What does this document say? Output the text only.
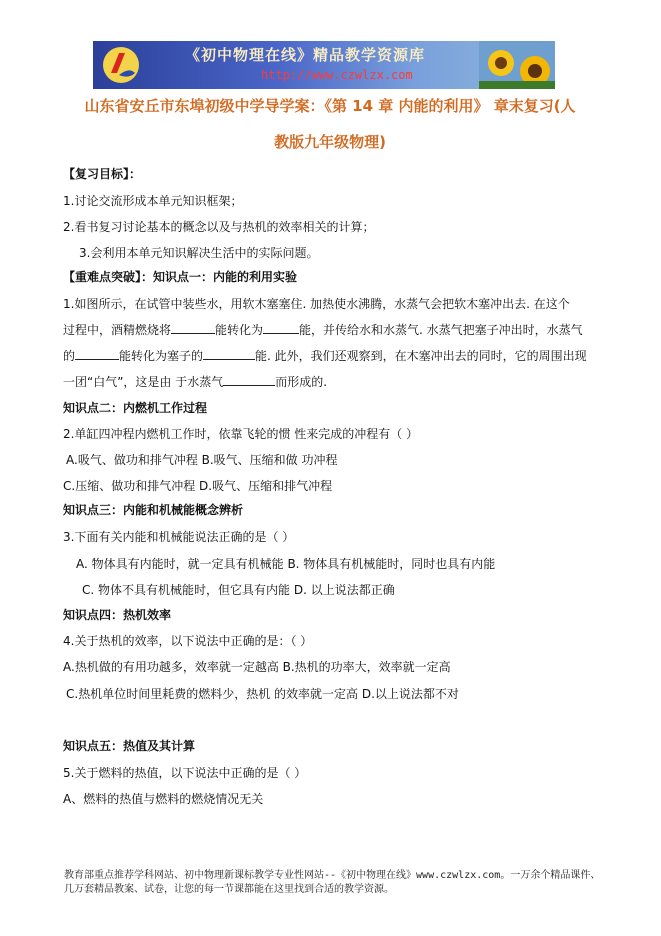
《初中物理在线》精品教学资源库
http://www.czwlzx.com
山东省安丘市东埠初级中学导学案：《第 14 章 内能的利用》 章末复习(人
教版九年级物理)
【复习目标】：
1.讨论交流形成本单元知识框架；
2.看书复习讨论基本的概念以及与热机的效率相关的计算；
3.会利用本单元知识解决生活中的实际问题。
【重难点突破】：知识点一：内能的利用实验
1.如图所示，在试管中装些水，用软木塞塞住. 加热使水沸腾，水蒸气会把软木塞冲出去. 在这个
过程中，酒精燃烧将	能转化为	能，并传给水和水蒸气. 水蒸气把塞子冲出时，水蒸气
的	能转化为塞子的	能. 此外，我们还观察到，在木塞冲出去的同时，它的周围出现
一团“白气”，这是由 于水蒸气	而形成的.
知识点二：内燃机工作过程
2.单缸四冲程内燃机工作时，依靠飞轮的惯 性来完成的冲程有（ ）
A.吸气、做功和排气冲程 B.吸气、压缩和做 功冲程
C.压缩、做功和排气冲程 D.吸气、压缩和排气冲程
知识点三：内能和机械能概念辨析
3.下面有关内能和机械能说法正确的是（ ）
A. 物体具有内能时，就一定具有机械能 B. 物体具有机械能时，同时也具有内能
C. 物体不具有机械能时，但它具有内能 D. 以上说法都正确
知识点四：热机效率
4.关于热机的效率，以下说法中正确的是：（ ）
A.热机做的有用功越多，效率就一定越高 B.热机的功率大，效率就一定高
C.热机单位时间里耗费的燃料少，热机 的效率就一定高 D.以上说法都不对
知识点五：热值及其计算
5.关于燃料的热值，以下说法中正确的是（ ）
A、燃料的热值与燃料的燃烧情况无关
教育部重点推荐学科网站、初中物理新课标教学专业性网站--《初中物理在线》www.czwlzx.com。一万余个精品课件、
几万套精品教案、试卷，让您的每一节课都能在这里找到合适的教学资源。
